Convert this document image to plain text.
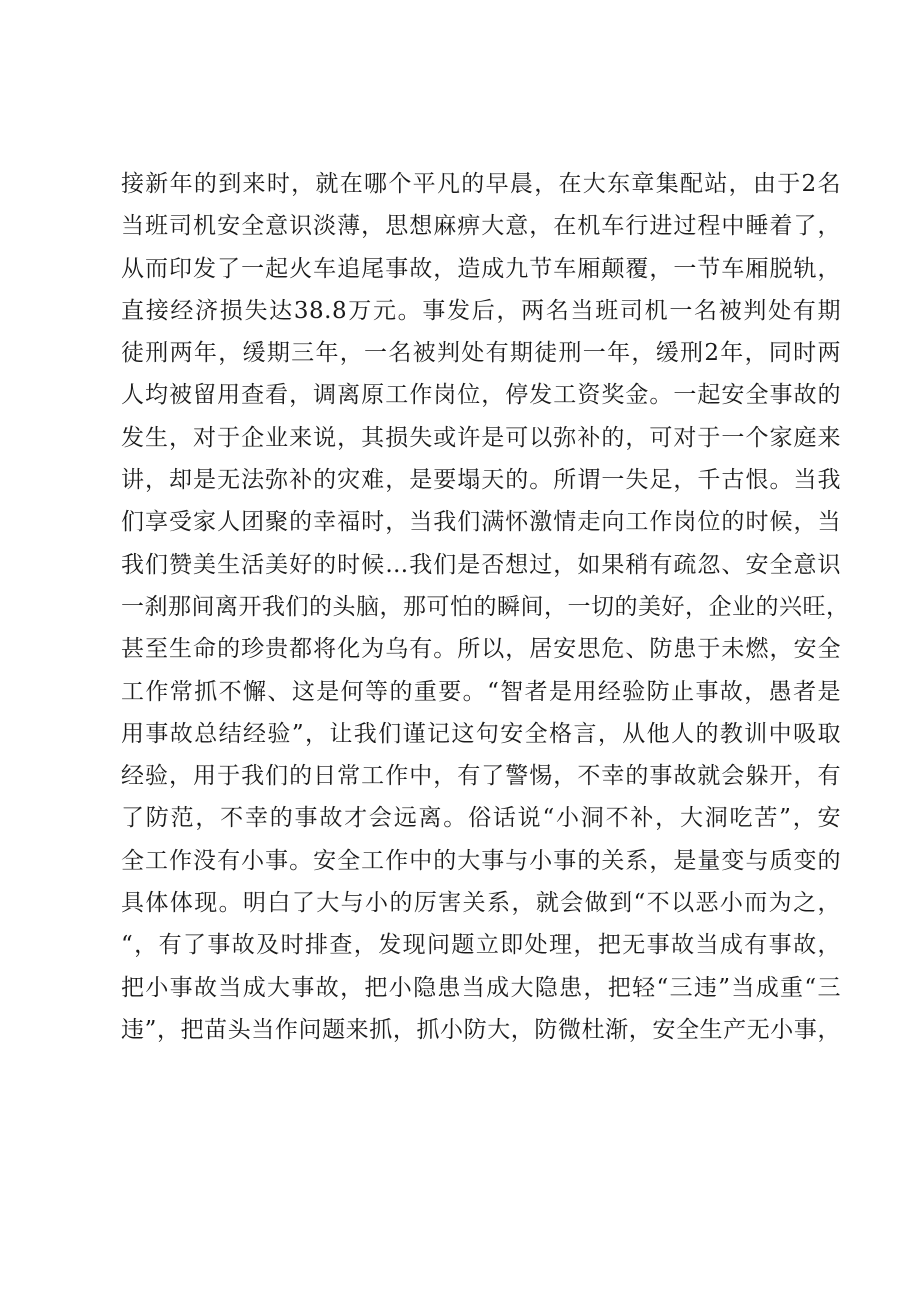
接新年的到来时，就在哪个平凡的早晨，在大东章集配站，由于2名
当班司机安全意识淡薄，思想麻痹大意，在机车行进过程中睡着了，
从而印发了一起火车追尾事故，造成九节车厢颠覆，一节车厢脱轨，
直接经济损失达38.8万元。事发后，两名当班司机一名被判处有期
徒刑两年，缓期三年，一名被判处有期徒刑一年，缓刑2年，同时两
人均被留用查看，调离原工作岗位，停发工资奖金。一起安全事故的
发生，对于企业来说，其损失或许是可以弥补的，可对于一个家庭来
讲，却是无法弥补的灾难，是要塌天的。所谓一失足，千古恨。当我
们享受家人团聚的幸福时，当我们满怀激情走向工作岗位的时候，当
我们赞美生活美好的时候…我们是否想过，如果稍有疏忽、安全意识
一刹那间离开我们的头脑，那可怕的瞬间，一切的美好，企业的兴旺，
甚至生命的珍贵都将化为乌有。所以，居安思危、防患于未燃，安全
工作常抓不懈、这是何等的重要。“智者是用经验防止事故，愚者是
用事故总结经验”，让我们谨记这句安全格言，从他人的教训中吸取
经验，用于我们的日常工作中，有了警惕，不幸的事故就会躲开，有
了防范，不幸的事故才会远离。俗话说“小洞不补，大洞吃苦”，安
全工作没有小事。安全工作中的大事与小事的关系，是量变与质变的
具体体现。明白了大与小的厉害关系，就会做到“不以恶小而为之，
“，有了事故及时排查，发现问题立即处理，把无事故当成有事故，
把小事故当成大事故，把小隐患当成大隐患，把轻“三违”当成重“三
违”，把苗头当作问题来抓，抓小防大，防微杜渐，安全生产无小事，
